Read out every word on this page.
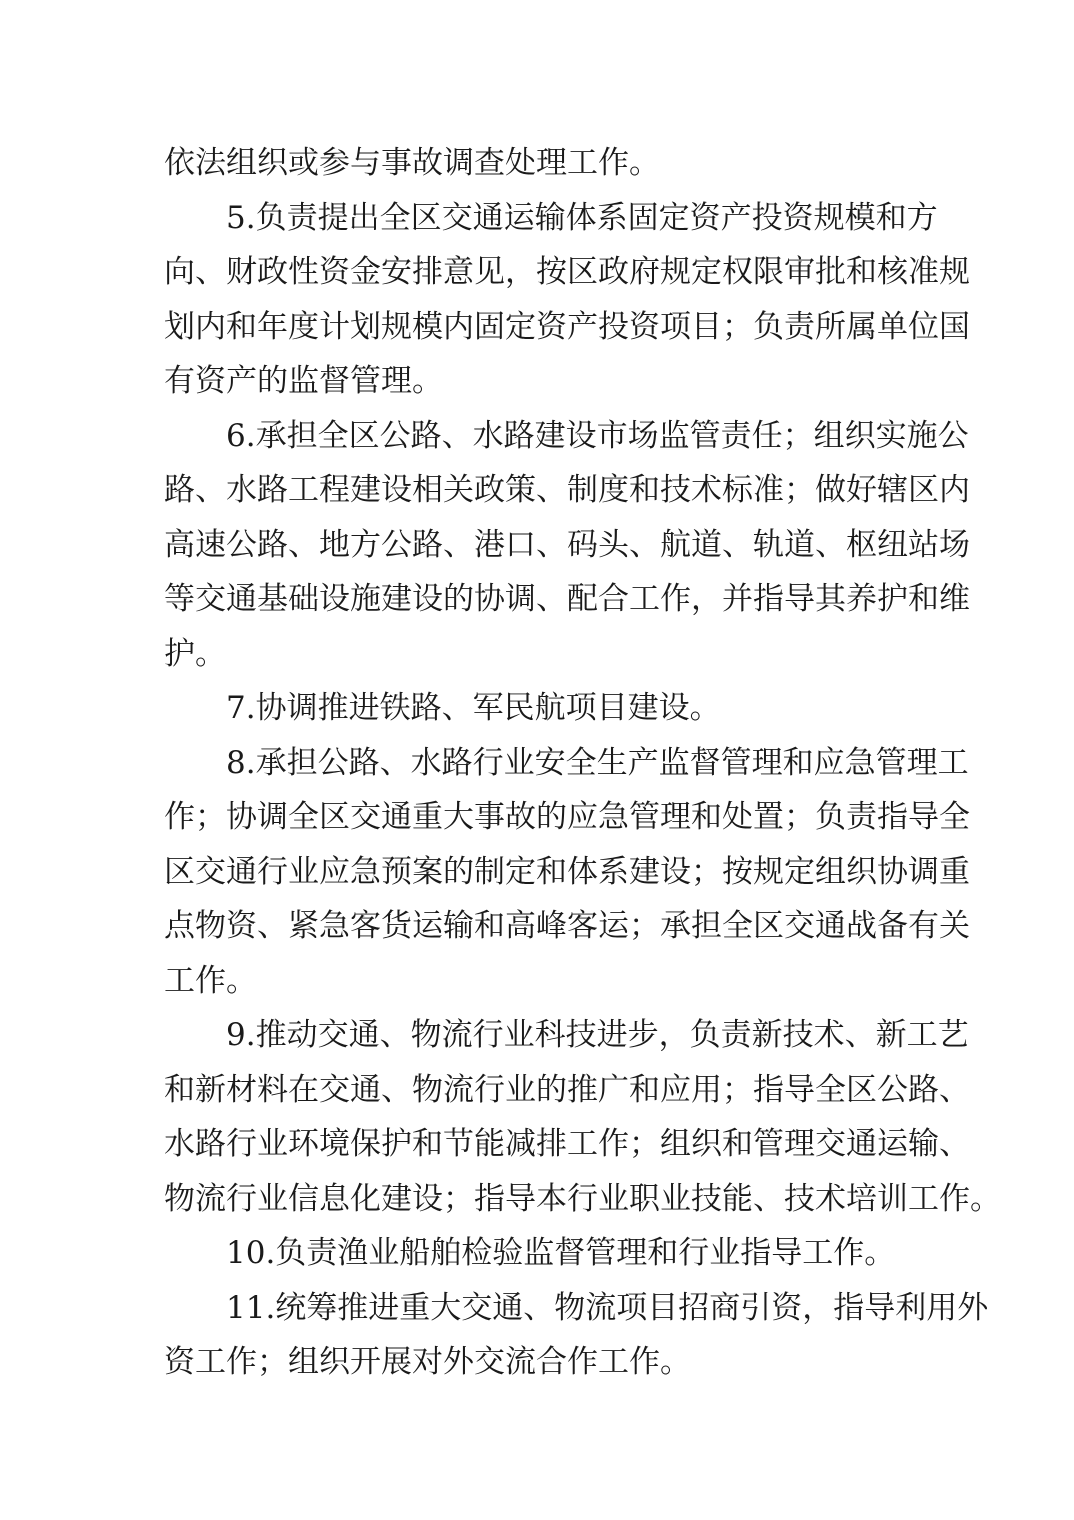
依法组织或参与事故调查处理工作。
5.负责提出全区交通运输体系固定资产投资规模和方
向、财政性资金安排意见，按区政府规定权限审批和核准规
划内和年度计划规模内固定资产投资项目；负责所属单位国
有资产的监督管理。
6.承担全区公路、水路建设市场监管责任；组织实施公
路、水路工程建设相关政策、制度和技术标准；做好辖区内
高速公路、地方公路、港口、码头、航道、轨道、枢纽站场
等交通基础设施建设的协调、配合工作，并指导其养护和维
护。
7.协调推进铁路、军民航项目建设。
8.承担公路、水路行业安全生产监督管理和应急管理工
作；协调全区交通重大事故的应急管理和处置；负责指导全
区交通行业应急预案的制定和体系建设；按规定组织协调重
点物资、紧急客货运输和高峰客运；承担全区交通战备有关
工作。
9.推动交通、物流行业科技进步，负责新技术、新工艺
和新材料在交通、物流行业的推广和应用；指导全区公路、
水路行业环境保护和节能减排工作；组织和管理交通运输、
物流行业信息化建设；指导本行业职业技能、技术培训工作。
10.负责渔业船舶检验监督管理和行业指导工作。
11.统筹推进重大交通、物流项目招商引资，指导利用外
资工作；组织开展对外交流合作工作。
